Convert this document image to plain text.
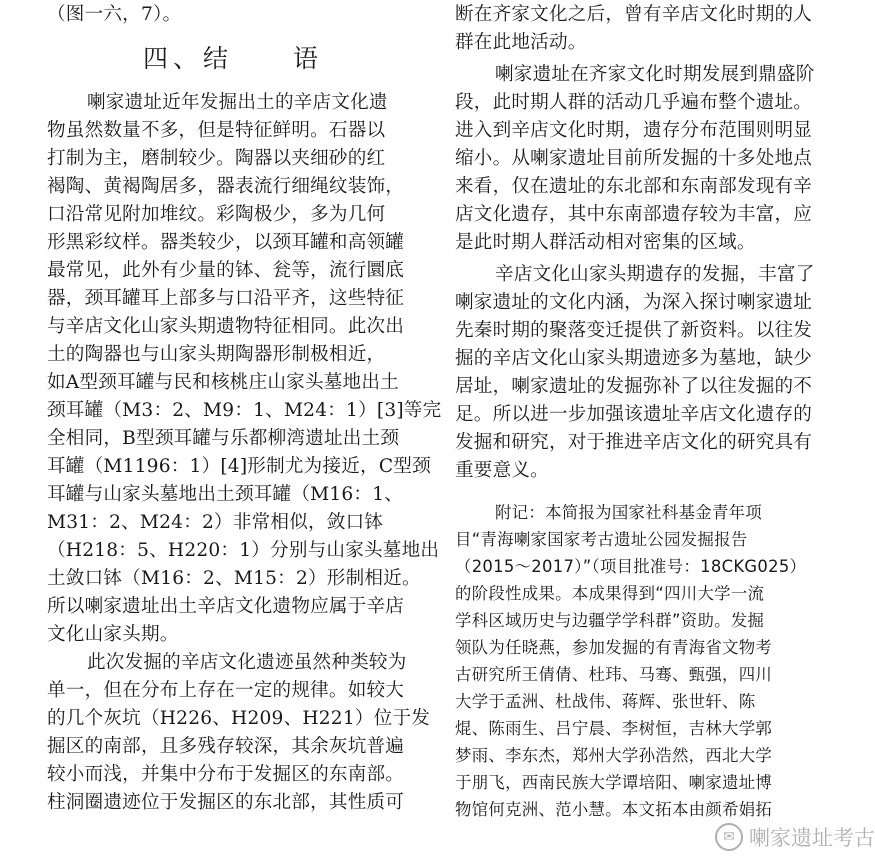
（图一六，7）。
四、结　　语
喇家遗址近年发掘出土的辛店文化遗
物虽然数量不多，但是特征鲜明。石器以
打制为主，磨制较少。陶器以夹细砂的红
褐陶、黄褐陶居多，器表流行细绳纹装饰，
口沿常见附加堆纹。彩陶极少，多为几何
形黑彩纹样。器类较少，以颈耳罐和高领罐
最常见，此外有少量的钵、瓮等，流行圜底
器，颈耳罐耳上部多与口沿平齐，这些特征
与辛店文化山家头期遗物特征相同。此次出
土的陶器也与山家头期陶器形制极相近，
如A型颈耳罐与民和核桃庄山家头墓地出土
颈耳罐（M3：2、M9：1、M24：1）[3]等完
全相同，B型颈耳罐与乐都柳湾遗址出土颈
耳罐（M1196：1）[4]形制尤为接近，C型颈
耳罐与山家头墓地出土颈耳罐（M16：1、
M31：2、M24：2）非常相似，敛口钵
（H218：5、H220：1）分别与山家头墓地出
土敛口钵（M16：2、M15：2）形制相近。
所以喇家遗址出土辛店文化遗物应属于辛店
文化山家头期。
此次发掘的辛店文化遗迹虽然种类较为
单一，但在分布上存在一定的规律。如较大
的几个灰坑（H226、H209、H221）位于发
掘区的南部，且多残存较深，其余灰坑普遍
较小而浅，并集中分布于发掘区的东南部。
柱洞圈遗迹位于发掘区的东北部，其性质可
断在齐家文化之后，曾有辛店文化时期的人
群在此地活动。
喇家遗址在齐家文化时期发展到鼎盛阶
段，此时期人群的活动几乎遍布整个遗址。
进入到辛店文化时期，遗存分布范围则明显
缩小。从喇家遗址目前所发掘的十多处地点
来看，仅在遗址的东北部和东南部发现有辛
店文化遗存，其中东南部遗存较为丰富，应
是此时期人群活动相对密集的区域。
辛店文化山家头期遗存的发掘，丰富了
喇家遗址的文化内涵，为深入探讨喇家遗址
先秦时期的聚落变迁提供了新资料。以往发
掘的辛店文化山家头期遗迹多为墓地，缺少
居址，喇家遗址的发掘弥补了以往发掘的不
足。所以进一步加强该遗址辛店文化遗存的
发掘和研究，对于推进辛店文化的研究具有
重要意义。
附记：本简报为国家社科基金青年项
目“青海喇家国家考古遗址公园发掘报告
（2015～2017）”（项目批准号：18CKG025）
的阶段性成果。本成果得到“四川大学一流
学科区域历史与边疆学学科群”资助。发掘
领队为任晓燕，参加发掘的有青海省文物考
古研究所王倩倩、杜玮、马骞、甄强，四川
大学于孟洲、杜战伟、蒋辉、张世轩、陈
焜、陈雨生、吕宁晨、李树恒，吉林大学郭
梦雨、李东杰，郑州大学孙浩然，西北大学
于朋飞，西南民族大学谭培阳、喇家遗址博
物馆何克洲、范小慧。本文拓本由颜希娟拓
✉ 喇家遗址考古
